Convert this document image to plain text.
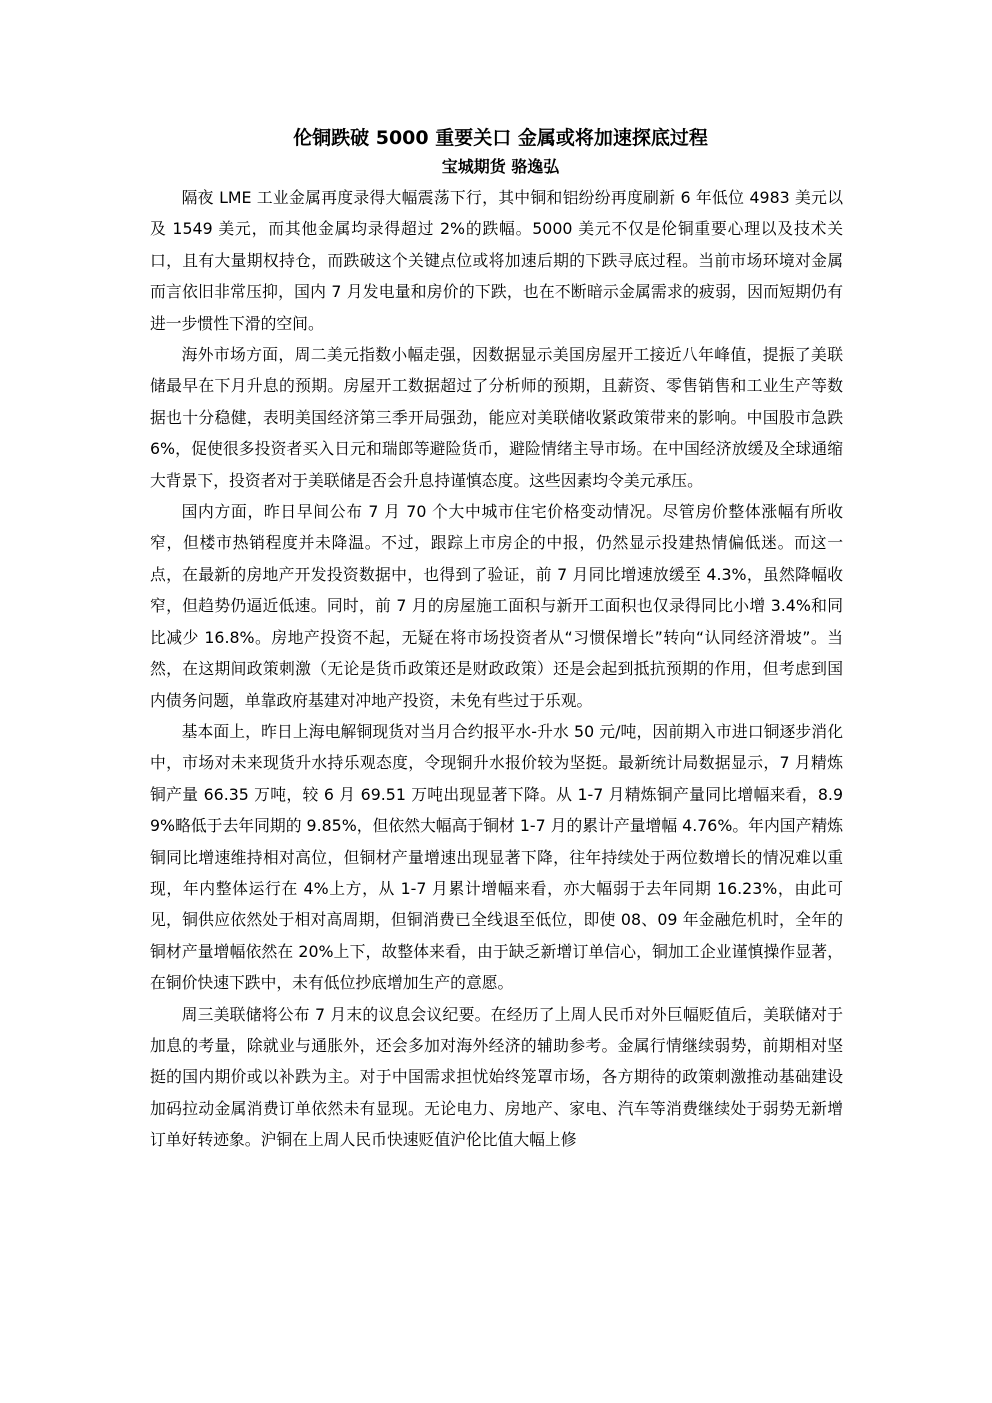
伦铜跌破 5000 重要关口 金属或将加速探底过程
宝城期货 骆逸弘

隔夜 LME 工业金属再度录得大幅震荡下行，其中铜和铝纷纷再度刷新 6 年低位 4983 美元以及 1549 美元，而其他金属均录得超过 2%的跌幅。5000 美元不仅是伦铜重要心理以及技术关口，且有大量期权持仓，而跌破这个关键点位或将加速后期的下跌寻底过程。当前市场环境对金属而言依旧非常压抑，国内 7 月发电量和房价的下跌，也在不断暗示金属需求的疲弱，因而短期仍有进一步惯性下滑的空间。

海外市场方面，周二美元指数小幅走强，因数据显示美国房屋开工接近八年峰值，提振了美联储最早在下月升息的预期。房屋开工数据超过了分析师的预期，且薪资、零售销售和工业生产等数据也十分稳健，表明美国经济第三季开局强劲，能应对美联储收紧政策带来的影响。中国股市急跌 6%，促使很多投资者买入日元和瑞郎等避险货币，避险情绪主导市场。在中国经济放缓及全球通缩大背景下，投资者对于美联储是否会升息持谨慎态度。这些因素均令美元承压。

国内方面，昨日早间公布 7 月 70 个大中城市住宅价格变动情况。尽管房价整体涨幅有所收窄，但楼市热销程度并未降温。不过，跟踪上市房企的中报，仍然显示投建热情偏低迷。而这一点，在最新的房地产开发投资数据中，也得到了验证，前 7 月同比增速放缓至 4.3%，虽然降幅收窄，但趋势仍逼近低速。同时，前 7 月的房屋施工面积与新开工面积也仅录得同比小增 3.4%和同比减少 16.8%。房地产投资不起，无疑在将市场投资者从“习惯保增长”转向“认同经济滑坡”。当然，在这期间政策刺激（无论是货币政策还是财政政策）还是会起到抵抗预期的作用，但考虑到国内债务问题，单靠政府基建对冲地产投资，未免有些过于乐观。

基本面上，昨日上海电解铜现货对当月合约报平水-升水 50 元/吨，因前期入市进口铜逐步消化中，市场对未来现货升水持乐观态度，令现铜升水报价较为坚挺。最新统计局数据显示，7 月精炼铜产量 66.35 万吨，较 6 月 69.51 万吨出现显著下降。从 1-7 月精炼铜产量同比增幅来看，8.99%略低于去年同期的 9.85%，但依然大幅高于铜材 1-7 月的累计产量增幅 4.76%。年内国产精炼铜同比增速维持相对高位，但铜材产量增速出现显著下降，往年持续处于两位数增长的情况难以重现，年内整体运行在 4%上方，从 1-7 月累计增幅来看，亦大幅弱于去年同期 16.23%，由此可见，铜供应依然处于相对高周期，但铜消费已全线退至低位，即使 08、09 年金融危机时，全年的铜材产量增幅依然在 20%上下，故整体来看，由于缺乏新增订单信心，铜加工企业谨慎操作显著，在铜价快速下跌中，未有低位抄底增加生产的意愿。

周三美联储将公布 7 月末的议息会议纪要。在经历了上周人民币对外巨幅贬值后，美联储对于加息的考量，除就业与通胀外，还会多加对海外经济的辅助参考。金属行情继续弱势，前期相对坚挺的国内期价或以补跌为主。对于中国需求担忧始终笼罩市场，各方期待的政策刺激推动基础建设加码拉动金属消费订单依然未有显现。无论电力、房地产、家电、汽车等消费继续处于弱势无新增订单好转迹象。沪铜在上周人民币快速贬值沪伦比值大幅上修
